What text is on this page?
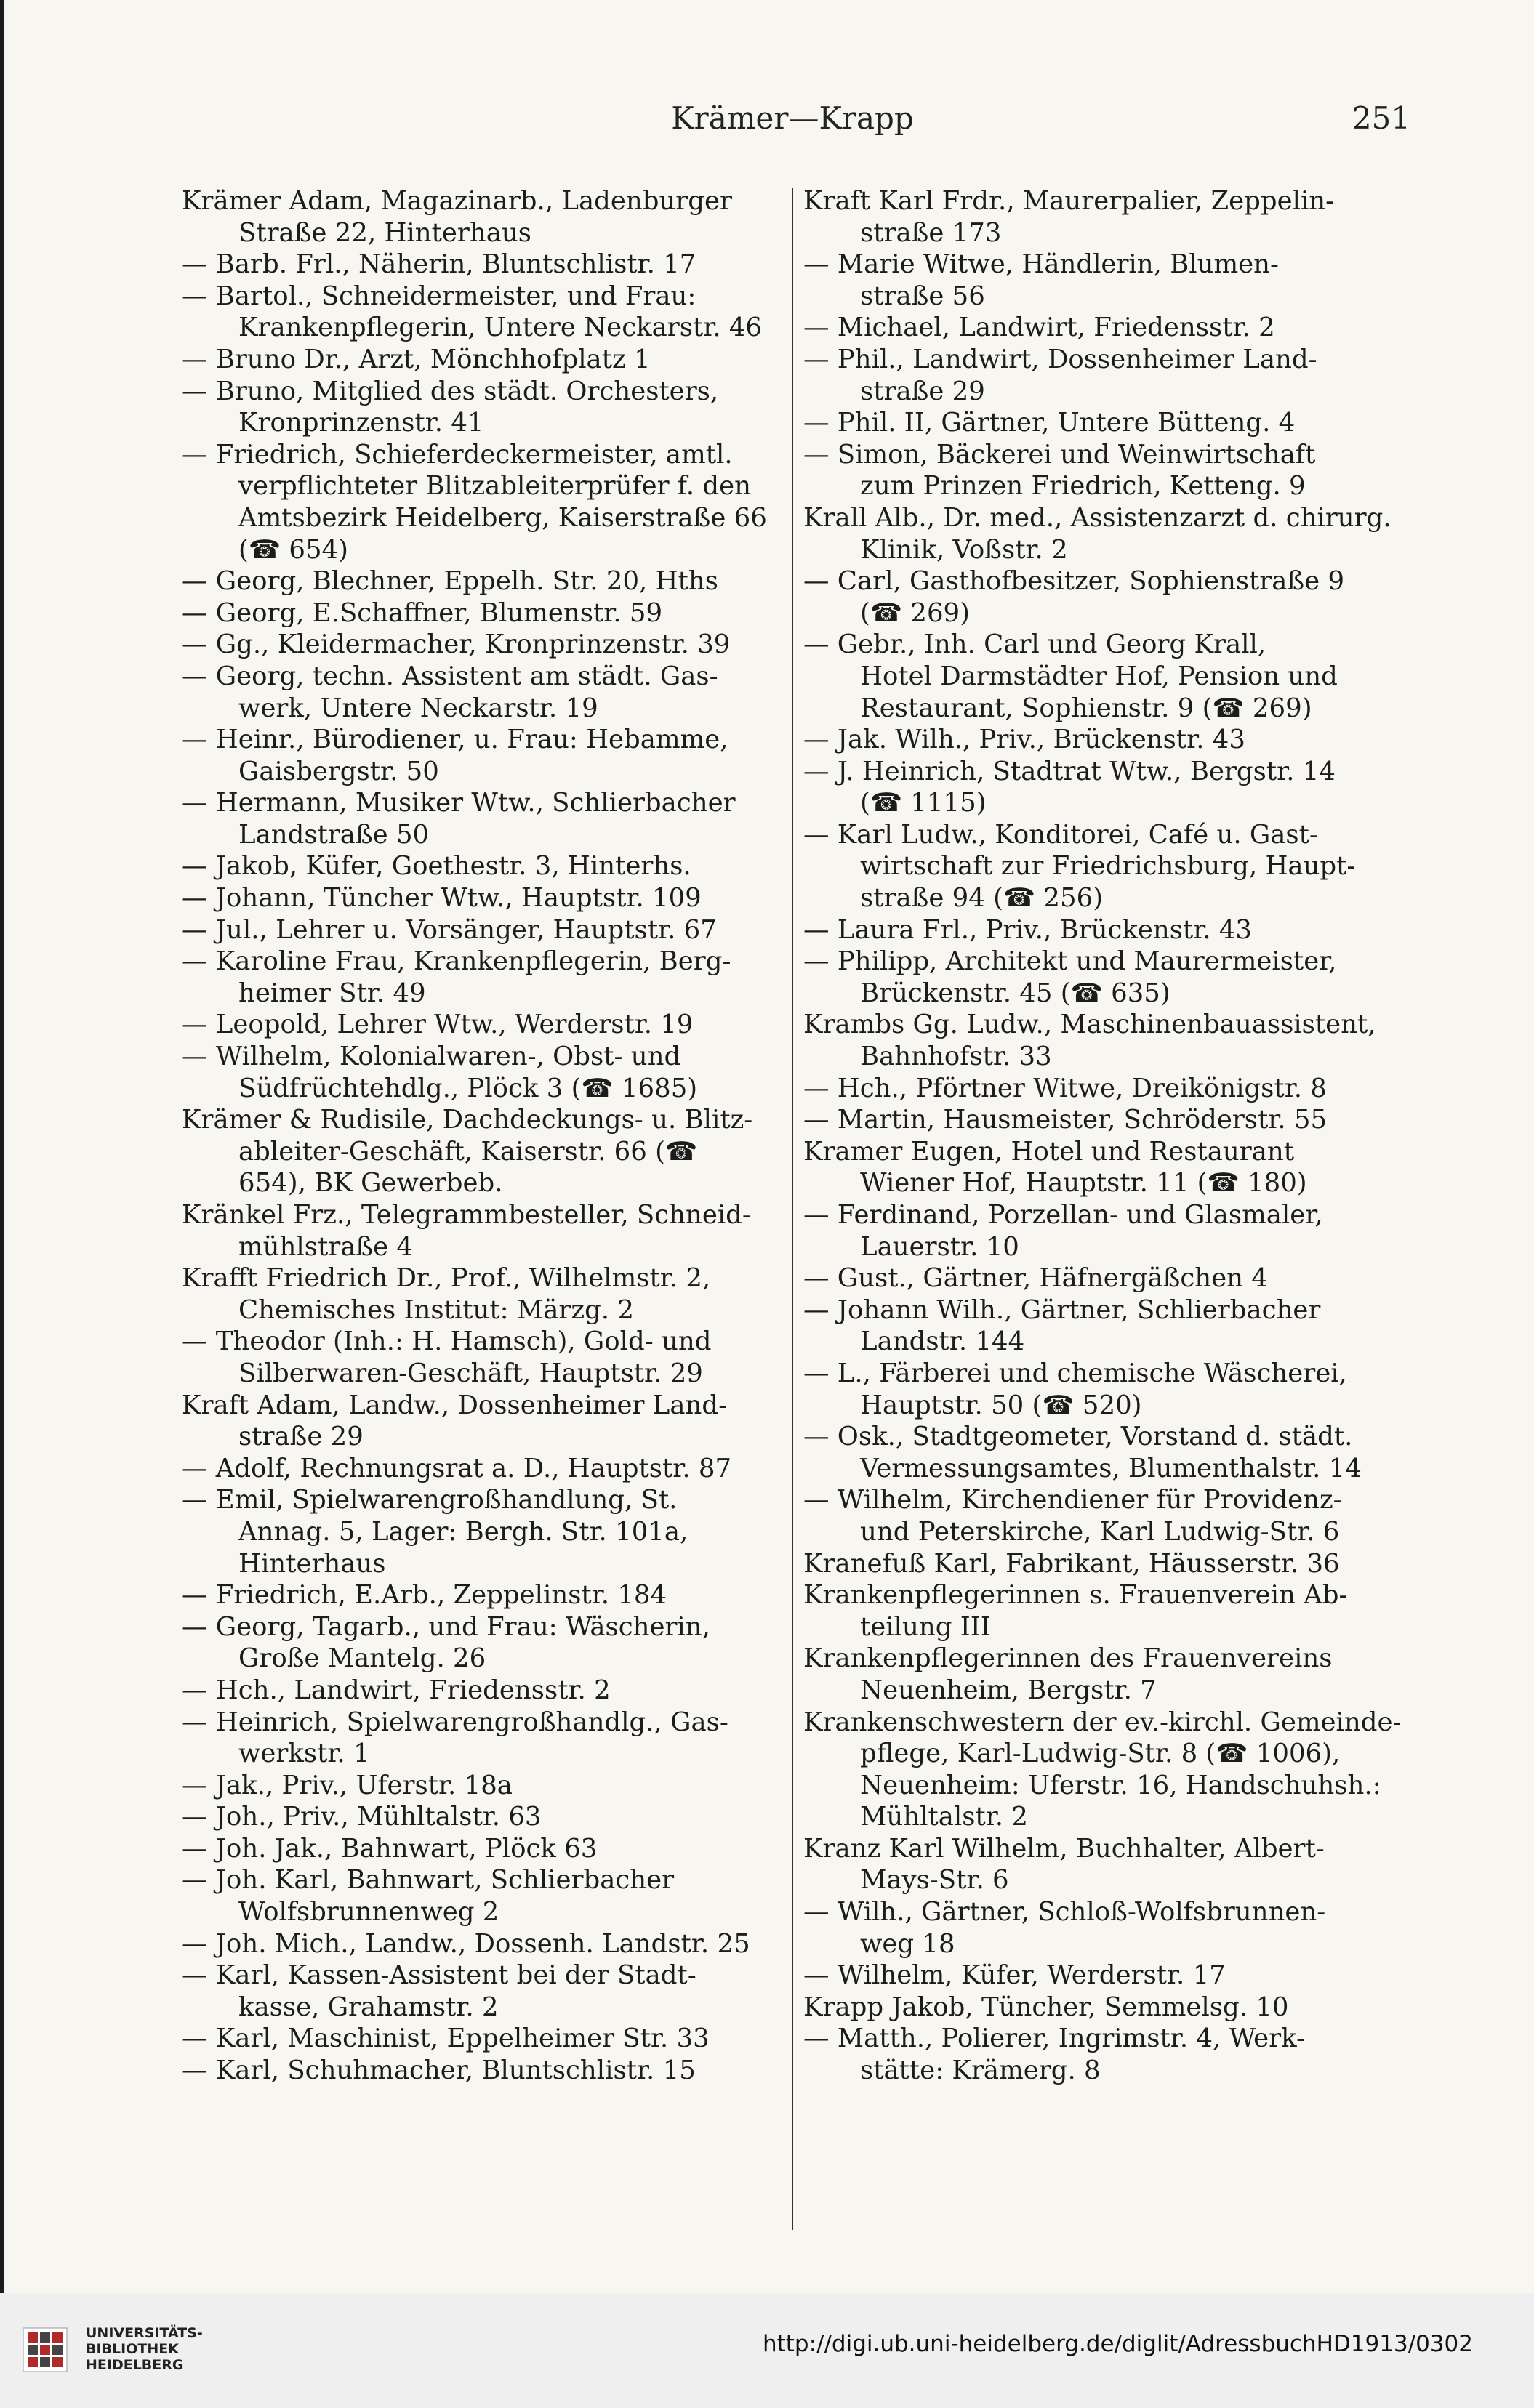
Krämer—Krapp	251
Krämer Adam, Magazinarb., Ladenburger
Straße 22, Hinterhaus
— Barb. Frl., Näherin, Bluntschlistr. 17
— Bartol., Schneidermeister, und Frau:
Krankenpflegerin, Untere Neckarstr. 46
— Bruno Dr., Arzt, Mönchhofplatz 1
— Bruno, Mitglied des städt. Orchesters,
Kronprinzenstr. 41
— Friedrich, Schieferdeckermeister, amtl.
verpflichteter Blitzableiterprüfer f. den
Amtsbezirk Heidelberg, Kaiserstraße 66
(☎ 654)
— Georg, Blechner, Eppelh. Str. 20, Hths
— Georg, E.Schaffner, Blumenstr. 59
— Gg., Kleidermacher, Kronprinzenstr. 39
— Georg, techn. Assistent am städt. Gas-
werk, Untere Neckarstr. 19
— Heinr., Bürodiener, u. Frau: Hebamme,
Gaisbergstr. 50
— Hermann, Musiker Wtw., Schlierbacher
Landstraße 50
— Jakob, Küfer, Goethestr. 3, Hinterhs.
— Johann, Tüncher Wtw., Hauptstr. 109
— Jul., Lehrer u. Vorsänger, Hauptstr. 67
— Karoline Frau, Krankenpflegerin, Berg-
heimer Str. 49
— Leopold, Lehrer Wtw., Werderstr. 19
— Wilhelm, Kolonialwaren-, Obst- und
Südfrüchtehdlg., Plöck 3 (☎ 1685)
Krämer & Rudisile, Dachdeckungs- u. Blitz-
ableiter-Geschäft, Kaiserstr. 66 (☎
654), BK Gewerbeb.
Kränkel Frz., Telegrammbesteller, Schneid-
mühlstraße 4
Krafft Friedrich Dr., Prof., Wilhelmstr. 2,
Chemisches Institut: Märzg. 2
— Theodor (Inh.: H. Hamsch), Gold- und
Silberwaren-Geschäft, Hauptstr. 29
Kraft Adam, Landw., Dossenheimer Land-
straße 29
— Adolf, Rechnungsrat a. D., Hauptstr. 87
— Emil, Spielwarengroßhandlung, St.
Annag. 5, Lager: Bergh. Str. 101a,
Hinterhaus
— Friedrich, E.Arb., Zeppelinstr. 184
— Georg, Tagarb., und Frau: Wäscherin,
Große Mantelg. 26
— Hch., Landwirt, Friedensstr. 2
— Heinrich, Spielwarengroßhandlg., Gas-
werkstr. 1
— Jak., Priv., Uferstr. 18a
— Joh., Priv., Mühltalstr. 63
— Joh. Jak., Bahnwart, Plöck 63
— Joh. Karl, Bahnwart, Schlierbacher
Wolfsbrunnenweg 2
— Joh. Mich., Landw., Dossenh. Landstr. 25
— Karl, Kassen-Assistent bei der Stadt-
kasse, Grahamstr. 2
— Karl, Maschinist, Eppelheimer Str. 33
— Karl, Schuhmacher, Bluntschlistr. 15
Kraft Karl Frdr., Maurerpalier, Zeppelin-
straße 173
— Marie Witwe, Händlerin, Blumen-
straße 56
— Michael, Landwirt, Friedensstr. 2
— Phil., Landwirt, Dossenheimer Land-
straße 29
— Phil. II, Gärtner, Untere Bütteng. 4
— Simon, Bäckerei und Weinwirtschaft
zum Prinzen Friedrich, Ketteng. 9
Krall Alb., Dr. med., Assistenzarzt d. chirurg.
Klinik, Voßstr. 2
— Carl, Gasthofbesitzer, Sophienstraße 9
(☎ 269)
— Gebr., Inh. Carl und Georg Krall,
Hotel Darmstädter Hof, Pension und
Restaurant, Sophienstr. 9 (☎ 269)
— Jak. Wilh., Priv., Brückenstr. 43
— J. Heinrich, Stadtrat Wtw., Bergstr. 14
(☎ 1115)
— Karl Ludw., Konditorei, Café u. Gast-
wirtschaft zur Friedrichsburg, Haupt-
straße 94 (☎ 256)
— Laura Frl., Priv., Brückenstr. 43
— Philipp, Architekt und Maurermeister,
Brückenstr. 45 (☎ 635)
Krambs Gg. Ludw., Maschinenbauassistent,
Bahnhofstr. 33
— Hch., Pförtner Witwe, Dreikönigstr. 8
— Martin, Hausmeister, Schröderstr. 55
Kramer Eugen, Hotel und Restaurant
Wiener Hof, Hauptstr. 11 (☎ 180)
— Ferdinand, Porzellan- und Glasmaler,
Lauerstr. 10
— Gust., Gärtner, Häfnergäßchen 4
— Johann Wilh., Gärtner, Schlierbacher
Landstr. 144
— L., Färberei und chemische Wäscherei,
Hauptstr. 50 (☎ 520)
— Osk., Stadtgeometer, Vorstand d. städt.
Vermessungsamtes, Blumenthalstr. 14
— Wilhelm, Kirchendiener für Providenz-
und Peterskirche, Karl Ludwig-Str. 6
Kranefuß Karl, Fabrikant, Häusserstr. 36
Krankenpflegerinnen s. Frauenverein Ab-
teilung III
Krankenpflegerinnen des Frauenvereins
Neuenheim, Bergstr. 7
Krankenschwestern der ev.-kirchl. Gemeinde-
pflege, Karl-Ludwig-Str. 8 (☎ 1006),
Neuenheim: Uferstr. 16, Handschuhsh.:
Mühltalstr. 2
Kranz Karl Wilhelm, Buchhalter, Albert-
Mays-Str. 6
— Wilh., Gärtner, Schloß-Wolfsbrunnen-
weg 18
— Wilhelm, Küfer, Werderstr. 17
Krapp Jakob, Tüncher, Semmelsg. 10
— Matth., Polierer, Ingrimstr. 4, Werk-
stätte: Krämerg. 8
UNIVERSITÄTS-
BIBLIOTHEK
HEIDELBERG
http://digi.ub.uni-heidelberg.de/diglit/AdressbuchHD1913/0302
